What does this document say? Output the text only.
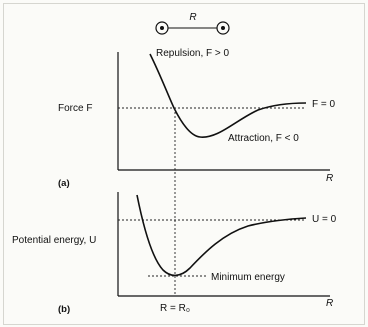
R
Force F
Repulsion, F > 0
F = 0
Attraction, F < 0
R
(a)
Potential energy, U
U = 0
Minimum energy
R
R = R₀
(b)
